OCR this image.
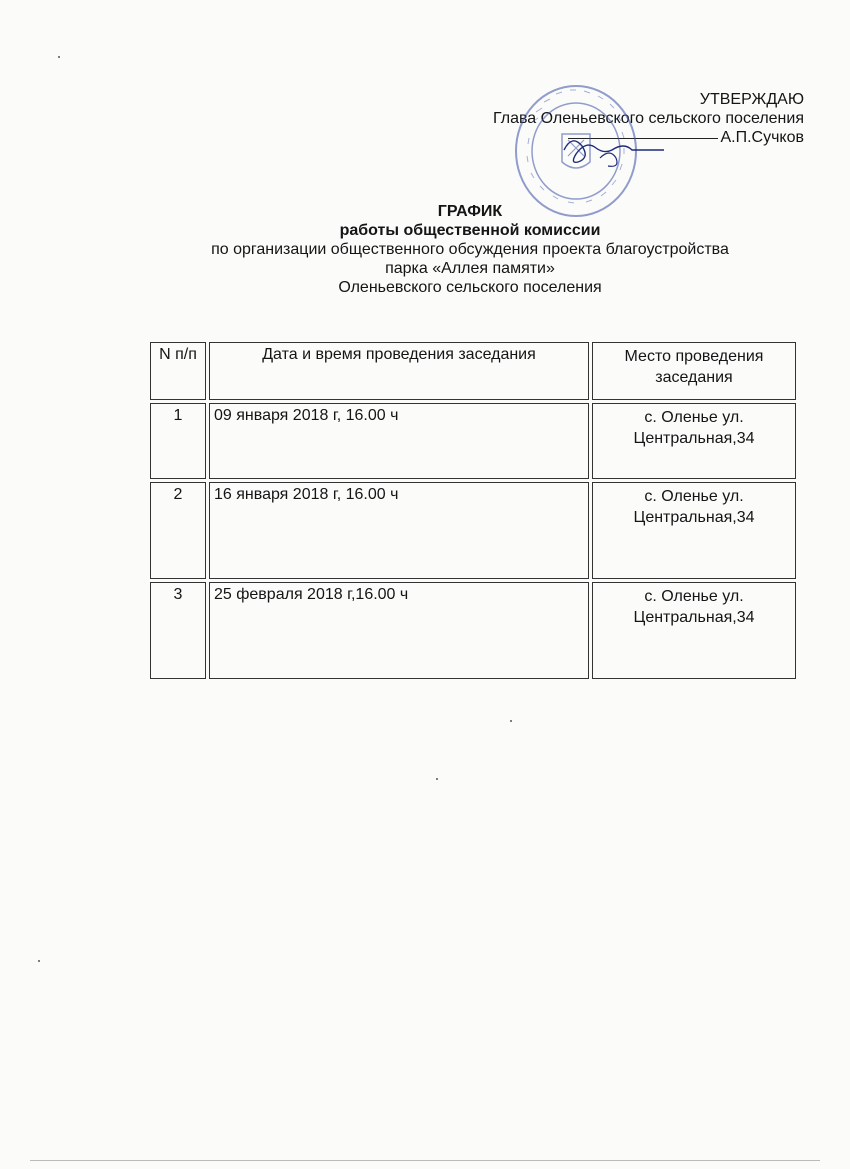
УТВЕРЖДАЮ
Глава Оленьевского сельского поселения
А.П.Сучков
ГРАФИК
работы общественной комиссии
по организации общественного обсуждения проекта благоустройства
парка «Аллея памяти»
Оленьевского сельского поселения
N п/п	Дата и время проведения заседания	Место проведения заседания
1	09 января 2018 г, 16.00 ч	с. Оленье ул. Центральная,34
2	16 января 2018 г, 16.00 ч	с. Оленье ул. Центральная,34
3	25 февраля 2018 г,16.00 ч	с. Оленье ул. Центральная,34
